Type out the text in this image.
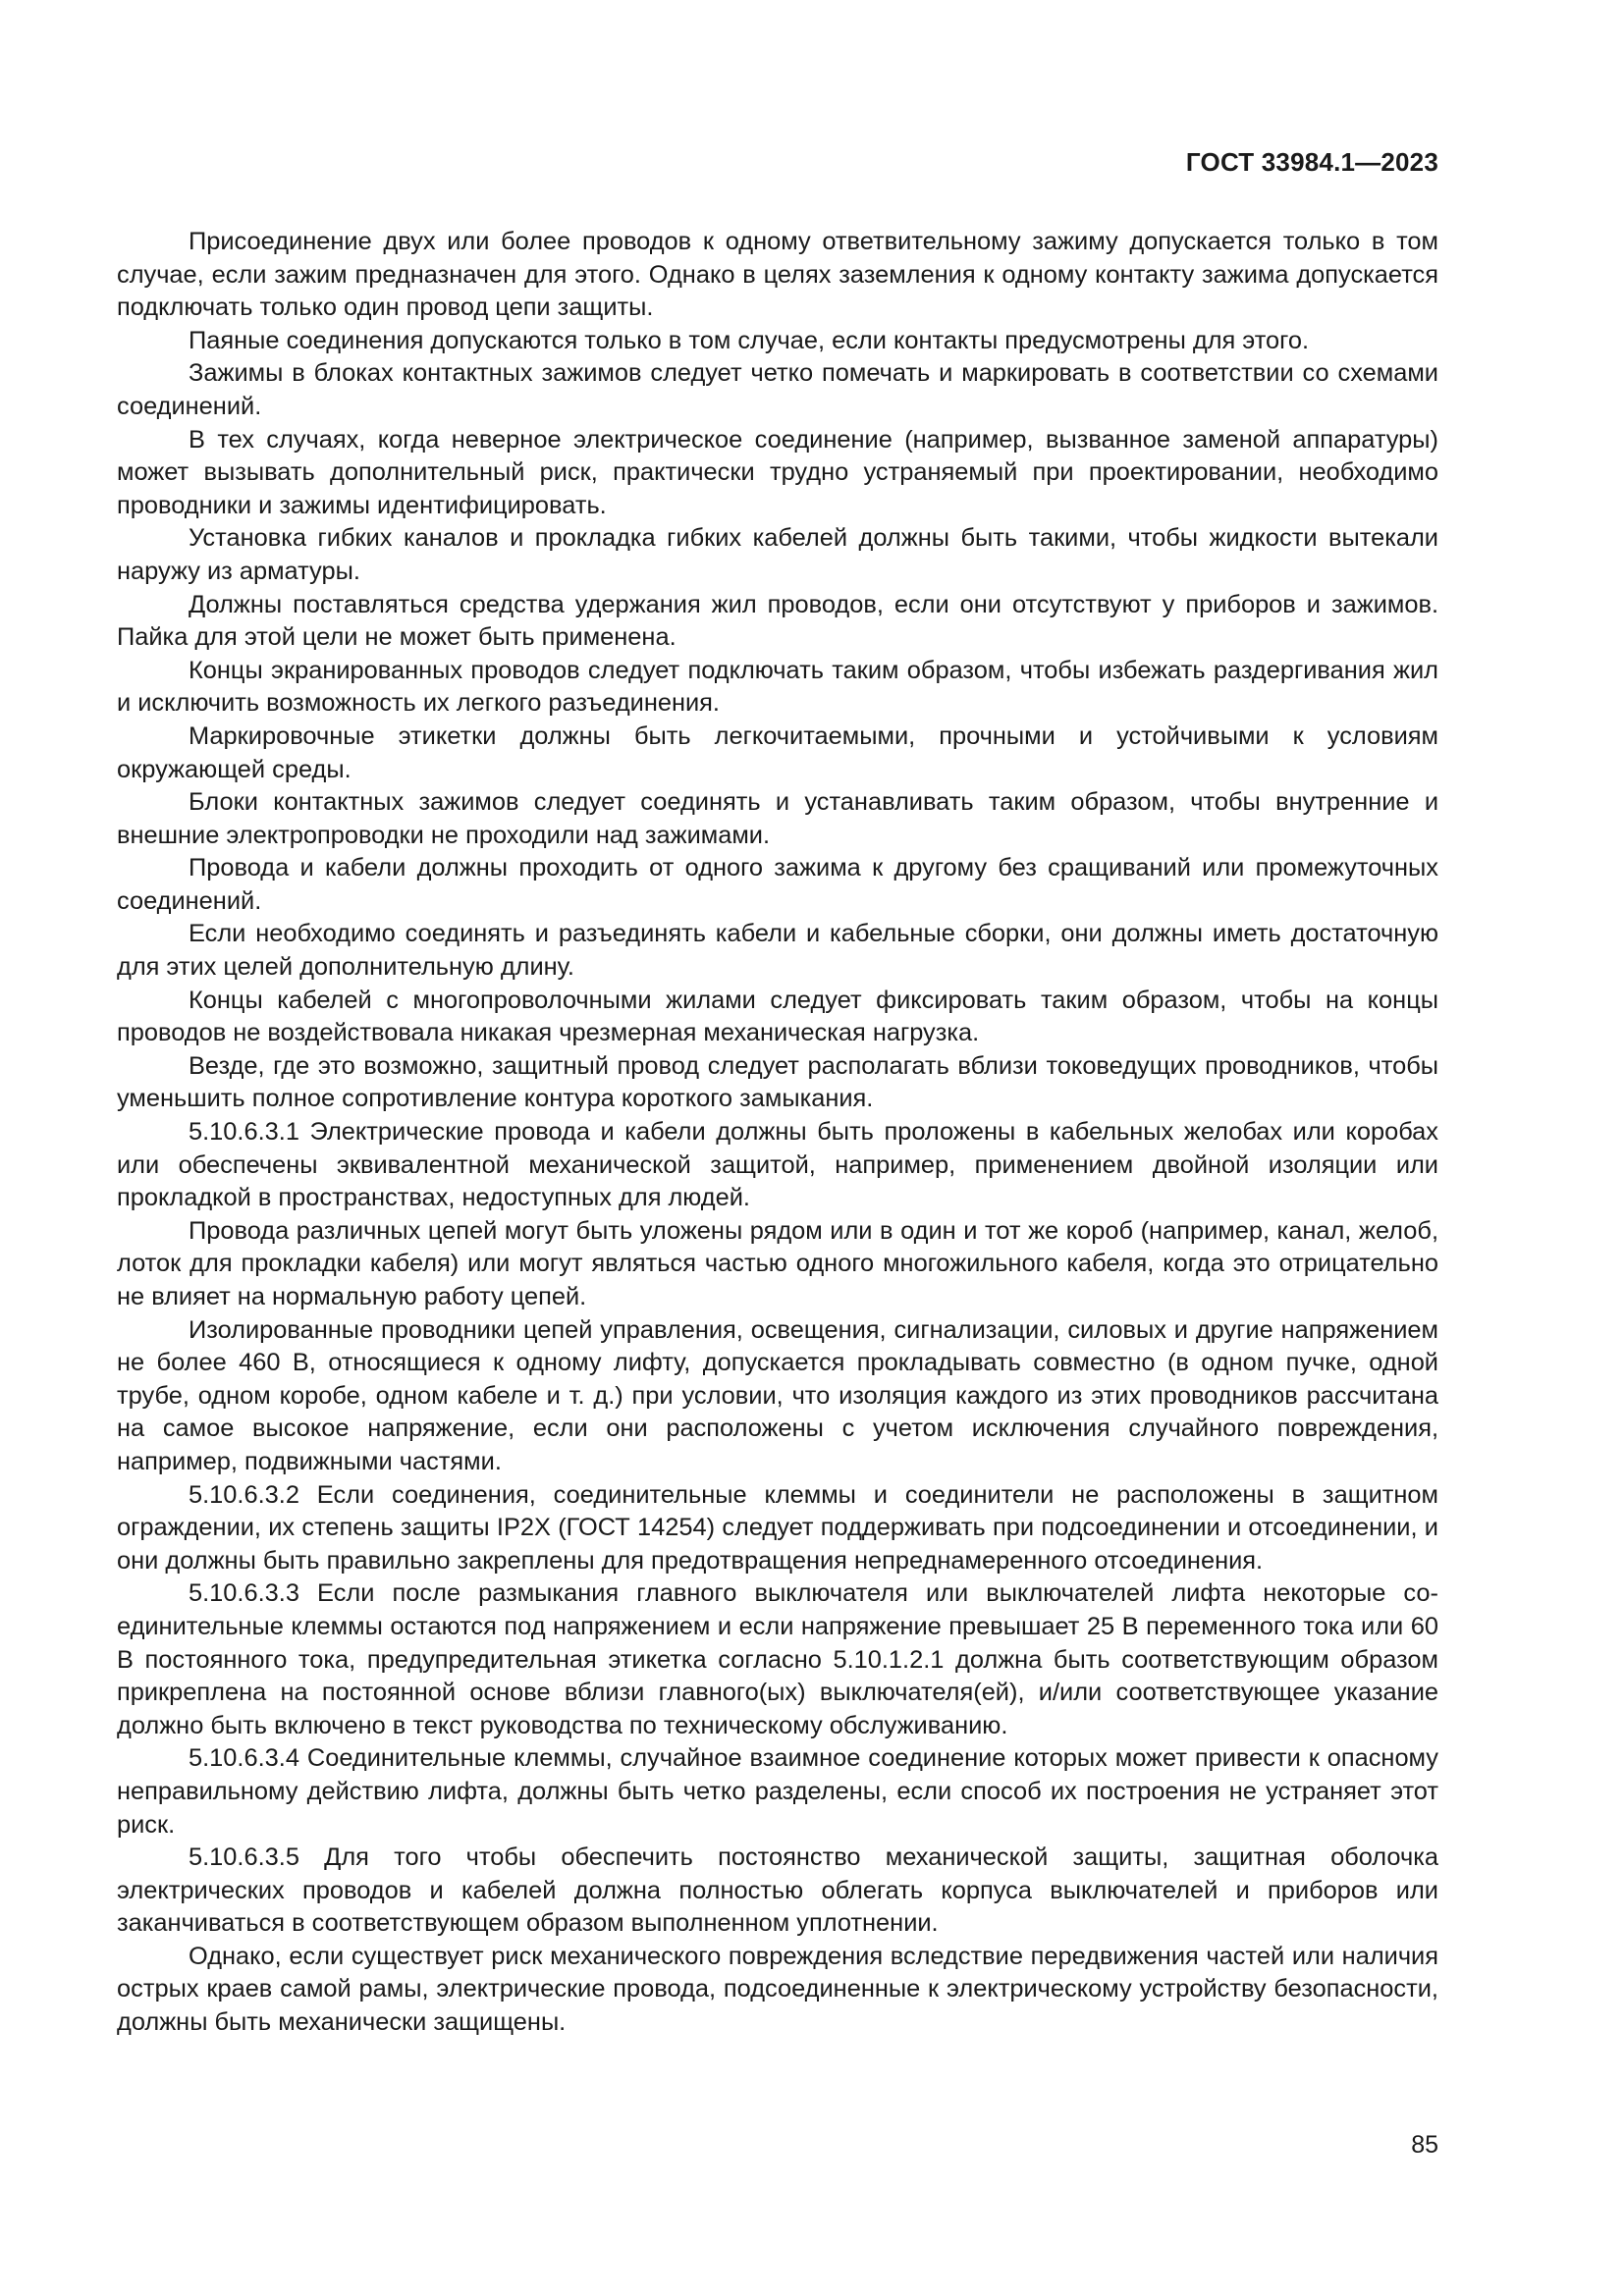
ГОСТ 33984.1—2023

Присоединение двух или более проводов к одному ответвительному зажиму допускается только в том случае, если зажим предназначен для этого. Однако в целях заземления к одному контакту зажима допускается подключать только один провод цепи защиты.

Паяные соединения допускаются только в том случае, если контакты предусмотрены для этого.

Зажимы в блоках контактных зажимов следует четко помечать и маркировать в соответствии со схемами соединений.

В тех случаях, когда неверное электрическое соединение (например, вызванное заменой аппаратуры) может вызывать дополнительный риск, практически трудно устраняемый при проектировании, необходимо проводники и зажимы идентифицировать.

Установка гибких каналов и прокладка гибких кабелей должны быть такими, чтобы жидкости вытекали наружу из арматуры.

Должны поставляться средства удержания жил проводов, если они отсутствуют у приборов и зажимов. Пайка для этой цели не может быть применена.

Концы экранированных проводов следует подключать таким образом, чтобы избежать раздергивания жил и исключить возможность их легкого разъединения.

Маркировочные этикетки должны быть легкочитаемыми, прочными и устойчивыми к условиям окружающей среды.

Блоки контактных зажимов следует соединять и устанавливать таким образом, чтобы внутренние и внешние электропроводки не проходили над зажимами.

Провода и кабели должны проходить от одного зажима к другому без сращиваний или промежуточных соединений.

Если необходимо соединять и разъединять кабели и кабельные сборки, они должны иметь достаточную для этих целей дополнительную длину.

Концы кабелей с многопроволочными жилами следует фиксировать таким образом, чтобы на концы проводов не воздействовала никакая чрезмерная механическая нагрузка.

Везде, где это возможно, защитный провод следует располагать вблизи токоведущих проводников, чтобы уменьшить полное сопротивление контура короткого замыкания.

5.10.6.3.1 Электрические провода и кабели должны быть проложены в кабельных желобах или коробах или обеспечены эквивалентной механической защитой, например, применением двойной изоляции или прокладкой в пространствах, недоступных для людей.

Провода различных цепей могут быть уложены рядом или в один и тот же короб (например, канал, желоб, лоток для прокладки кабеля) или могут являться частью одного многожильного кабеля, когда это отрицательно не влияет на нормальную работу цепей.

Изолированные проводники цепей управления, освещения, сигнализации, силовых и другие напряжением не более 460 В, относящиеся к одному лифту, допускается прокладывать совместно (в одном пучке, одной трубе, одном коробе, одном кабеле и т. д.) при условии, что изоляция каждого из этих проводников рассчитана на самое высокое напряжение, если они расположены с учетом исключения случайного повреждения, например, подвижными частями.

5.10.6.3.2 Если соединения, соединительные клеммы и соединители не расположены в защитном ограждении, их степень защиты IP2X (ГОСТ 14254) следует поддерживать при подсоединении и отсоединении, и они должны быть правильно закреплены для предотвращения непреднамеренного отсоединения.

5.10.6.3.3 Если после размыкания главного выключателя или выключателей лифта некоторые соединительные клеммы остаются под напряжением и если напряжение превышает 25 В переменного тока или 60 В постоянного тока, предупредительная этикетка согласно 5.10.1.2.1 должна быть соответствующим образом прикреплена на постоянной основе вблизи главного(ых) выключателя(ей), и/или соответствующее указание должно быть включено в текст руководства по техническому обслуживанию.

5.10.6.3.4 Соединительные клеммы, случайное взаимное соединение которых может привести к опасному неправильному действию лифта, должны быть четко разделены, если способ их построения не устраняет этот риск.

5.10.6.3.5 Для того чтобы обеспечить постоянство механической защиты, защитная оболочка электрических проводов и кабелей должна полностью облегать корпуса выключателей и приборов или заканчиваться в соответствующем образом выполненном уплотнении.

Однако, если существует риск механического повреждения вследствие передвижения частей или наличия острых краев самой рамы, электрические провода, подсоединенные к электрическому устройству безопасности, должны быть механически защищены.

85
